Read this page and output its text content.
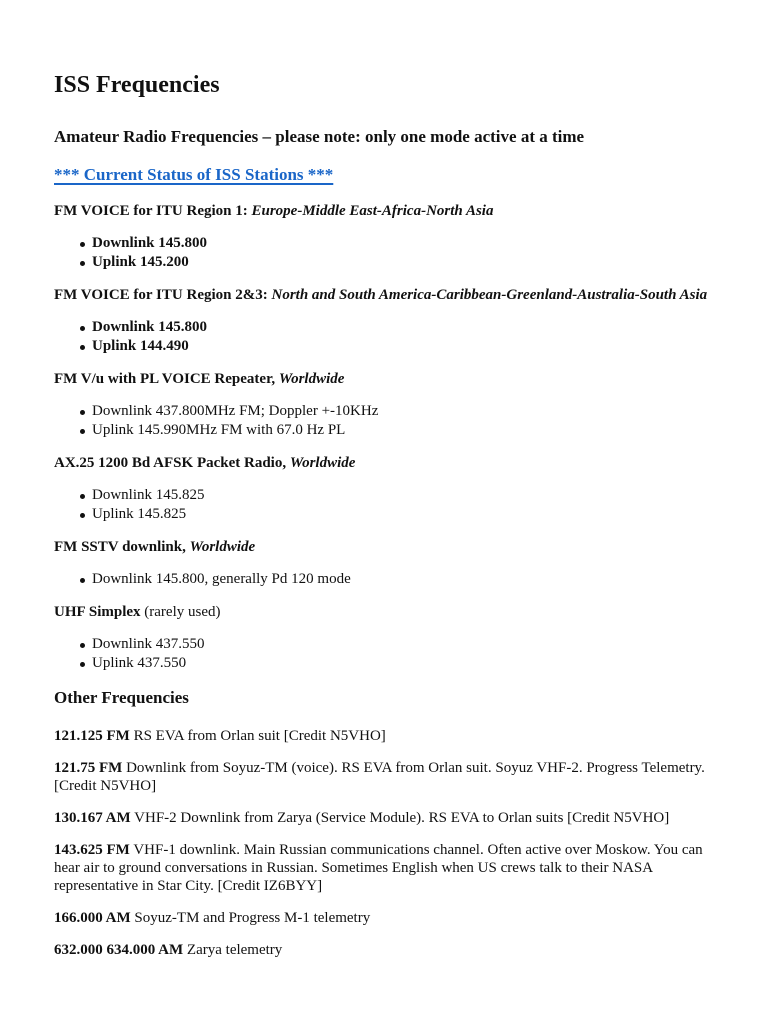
ISS Frequencies
Amateur Radio Frequencies – please note: only one mode active at a time
*** Current Status of ISS Stations ***

FM VOICE for ITU Region 1: Europe-Middle East-Africa-North Asia

Downlink 145.800
Uplink 145.200

FM VOICE for ITU Region 2&3: North and South America-Caribbean-Greenland-Australia-South Asia

Downlink 145.800
Uplink 144.490

FM V/u with PL VOICE Repeater, Worldwide

Downlink 437.800MHz FM; Doppler +-10KHz
Uplink 145.990MHz FM with 67.0 Hz PL

AX.25 1200 Bd AFSK Packet Radio, Worldwide

Downlink 145.825
Uplink 145.825

FM SSTV downlink, Worldwide

Downlink 145.800, generally Pd 120 mode

UHF Simplex (rarely used)

Downlink 437.550
Uplink 437.550
Other Frequencies

121.125 FM RS EVA from Orlan suit [Credit N5VHO]

121.75 FM Downlink from Soyuz-TM (voice). RS EVA from Orlan suit. Soyuz VHF-2. Progress Telemetry. [Credit N5VHO]

130.167 AM VHF-2 Downlink from Zarya (Service Module). RS EVA to Orlan suits [Credit N5VHO]

143.625 FM VHF-1 downlink. Main Russian communications channel. Often active over Moskow. You can hear air to ground conversations in Russian. Sometimes English when US crews talk to their NASA representative in Star City. [Credit IZ6BYY]

166.000 AM Soyuz-TM and Progress M-1 telemetry

632.000 634.000 AM Zarya telemetry
